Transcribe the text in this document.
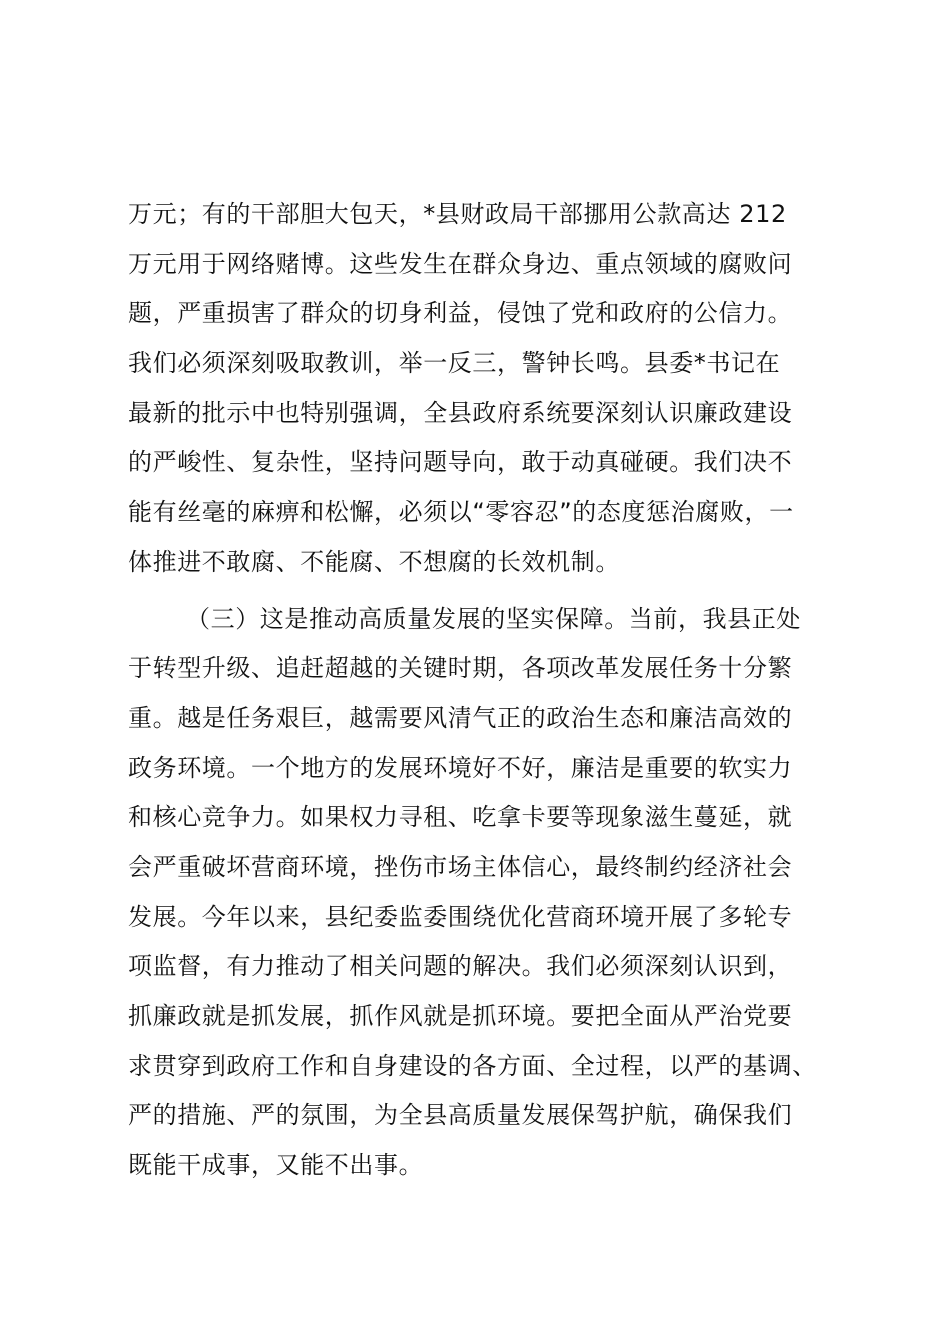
万元；有的干部胆大包天，*县财政局干部挪用公款高达 212
万元用于网络赌博。这些发生在群众身边、重点领域的腐败问
题，严重损害了群众的切身利益，侵蚀了党和政府的公信力。
我们必须深刻吸取教训，举一反三，警钟长鸣。县委*书记在
最新的批示中也特别强调，全县政府系统要深刻认识廉政建设
的严峻性、复杂性，坚持问题导向，敢于动真碰硬。我们决不
能有丝毫的麻痹和松懈，必须以“零容忍”的态度惩治腐败，一
体推进不敢腐、不能腐、不想腐的长效机制。
（三）这是推动高质量发展的坚实保障。当前，我县正处
于转型升级、追赶超越的关键时期，各项改革发展任务十分繁
重。越是任务艰巨，越需要风清气正的政治生态和廉洁高效的
政务环境。一个地方的发展环境好不好，廉洁是重要的软实力
和核心竞争力。如果权力寻租、吃拿卡要等现象滋生蔓延，就
会严重破坏营商环境，挫伤市场主体信心，最终制约经济社会
发展。今年以来，县纪委监委围绕优化营商环境开展了多轮专
项监督，有力推动了相关问题的解决。我们必须深刻认识到，
抓廉政就是抓发展，抓作风就是抓环境。要把全面从严治党要
求贯穿到政府工作和自身建设的各方面、全过程，以严的基调、
严的措施、严的氛围，为全县高质量发展保驾护航，确保我们
既能干成事，又能不出事。
